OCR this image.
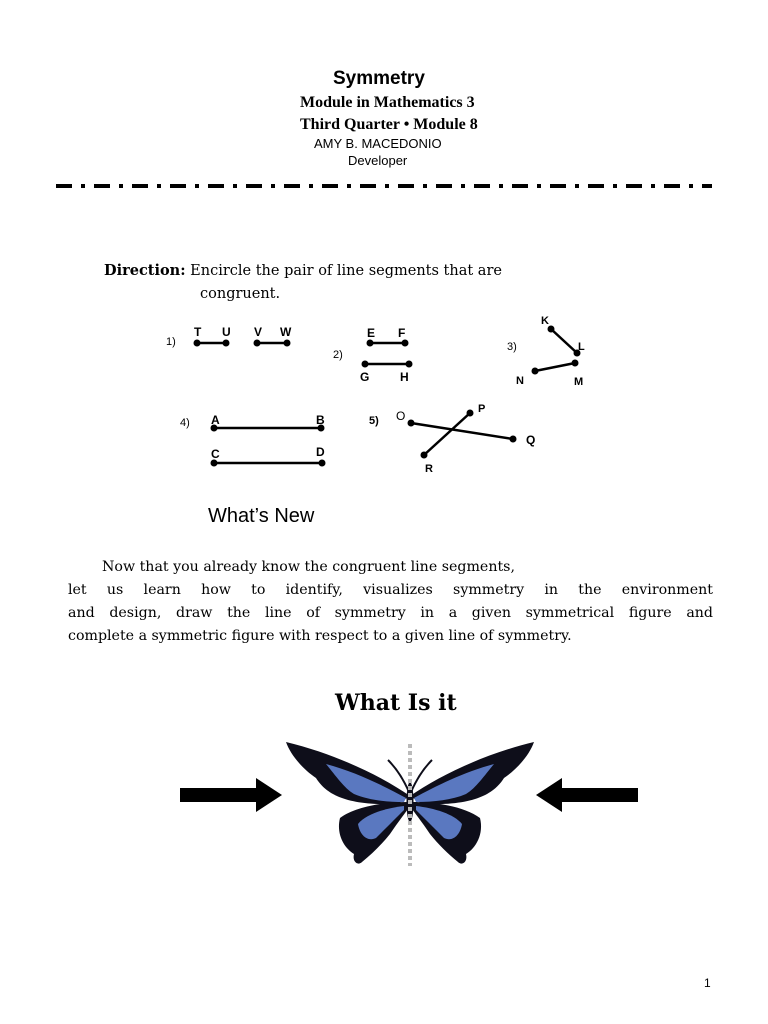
Symmetry
Module in Mathematics 3
Third Quarter • Module 8
AMY B. MACEDONIO
Developer
Direction: Encircle the pair of line segments that are
congruent.
1)
T U V W
2)
E F
G	H
3)
K
L
N	M
4) A	B
C	D
5) O	P
Q
R
What’s New
Now that you already know the congruent line segments,
let us learn how to identify, visualizes symmetry in the environment
and design, draw the line of symmetry in a given symmetrical figure and
complete a symmetric figure with respect to a given line of symmetry.
What Is it
1
